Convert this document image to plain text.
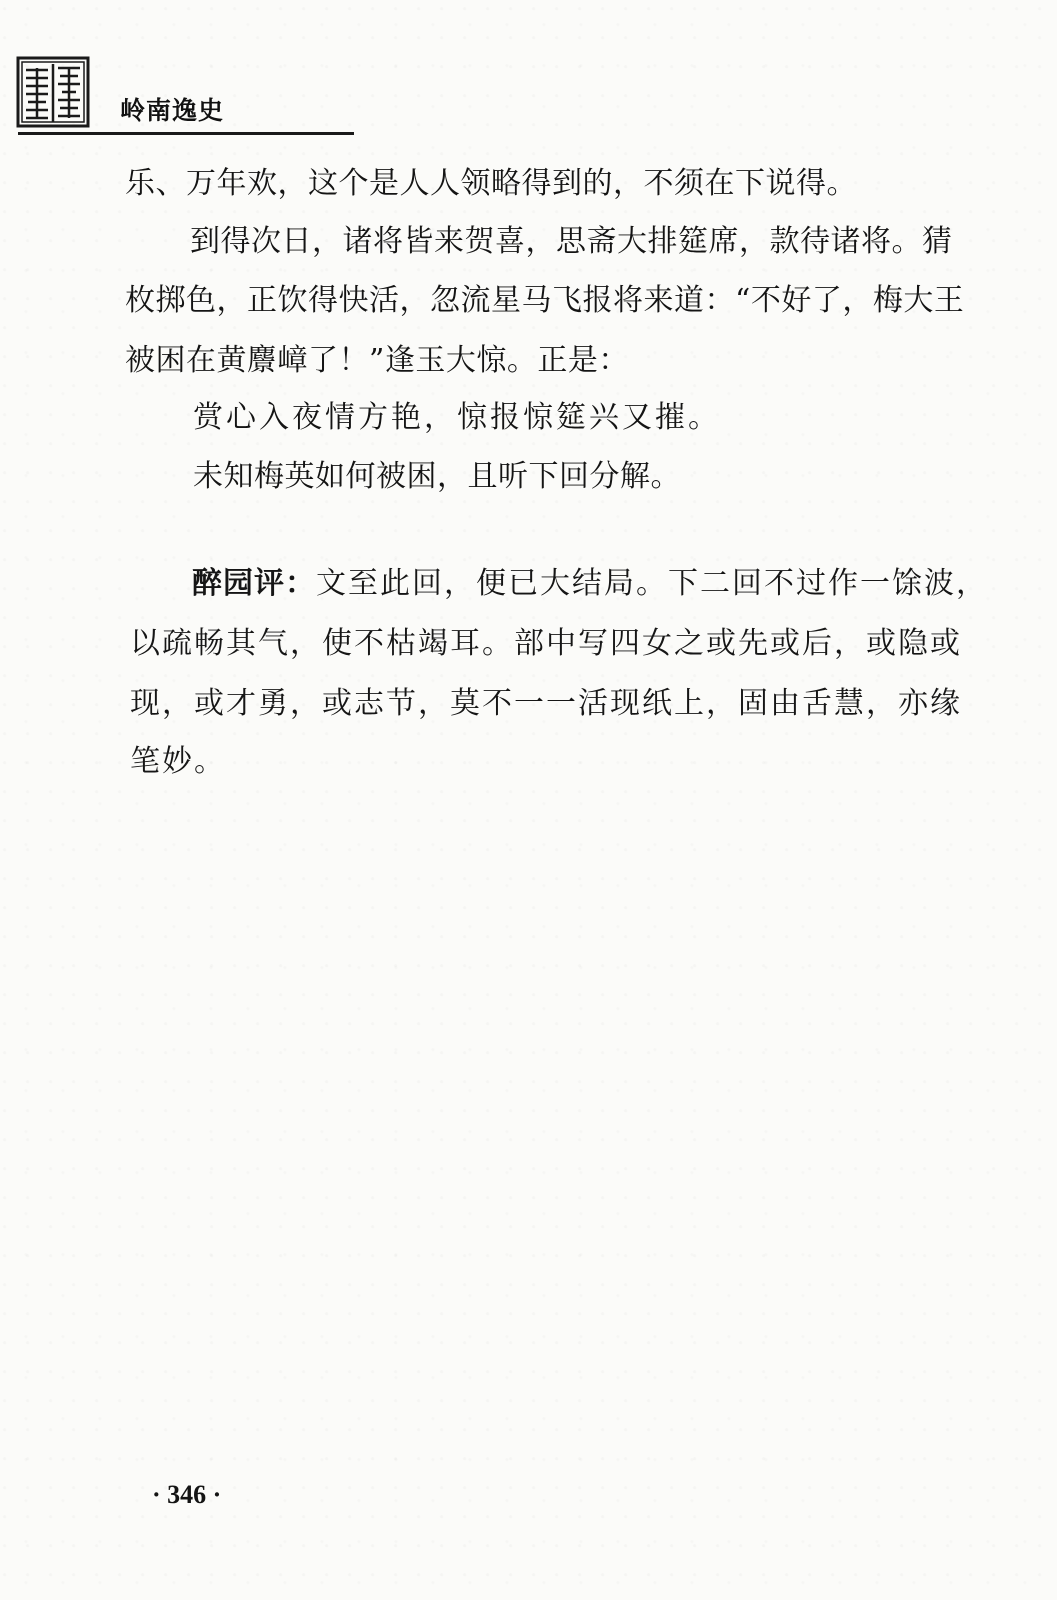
岭南逸史
乐、万年欢，这个是人人领略得到的，不须在下说得。
到得次日，诸将皆来贺喜，思斋大排筵席，款待诸将。猜
枚掷色，正饮得快活，忽流星马飞报将来道：“不好了，梅大王
被困在黄麖嶂了！”逢玉大惊。正是：
赏心入夜情方艳，惊报惊筵兴又摧。
未知梅英如何被困，且听下回分解。
醉园评：文至此回，便已大结局。下二回不过作一馀波，
以疏畅其气，使不枯竭耳。部中写四女之或先或后，或隐或
现，或才勇，或志节，莫不一一活现纸上，固由舌慧，亦缘
笔妙。
· 346 ·
